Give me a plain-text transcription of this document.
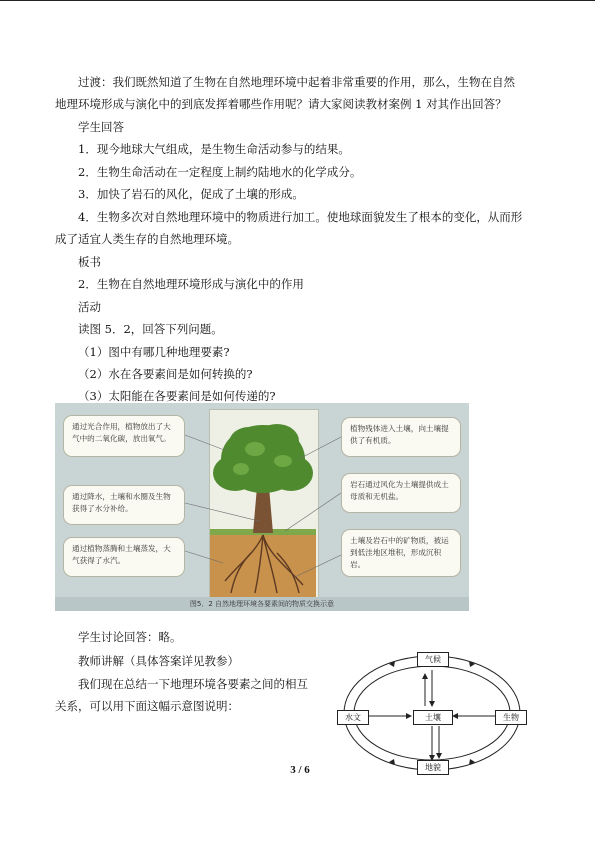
过渡：我们既然知道了生物在自然地理环境中起着非常重要的作用，那么，生物在自然
地理环境形成与演化中的到底发挥着哪些作用呢？请大家阅读教材案例 1 对其作出回答？
学生回答
1．现今地球大气组成，是生物生命活动参与的结果。
2．生物生命活动在一定程度上制约陆地水的化学成分。
3．加快了岩石的风化，促成了土壤的形成。
4．生物多次对自然地理环境中的物质进行加工。使地球面貌发生了根本的变化，从而形
成了适宜人类生存的自然地理环境。
板书
2．生物在自然地理环境形成与演化中的作用
活动
读图 5．2，回答下列问题。
（1）图中有哪几种地理要素?
（2）水在各要素间是如何转换的?
（3）太阳能在各要素间是如何传递的?
通过光合作用，植物放出了大气中的二氧化碳，放出氧气。
通过降水，土壤和水圈及生物获得了水分补给。
通过植物蒸腾和土壤蒸发，大气获得了水汽。
植物残体进入土壤，向土壤提供了有机质。
岩石通过风化为土壤提供成土母质和无机盐。
土壤及岩石中的矿物质，被运到低洼地区堆积，形成沉积岩。
图5．2 自然地理环境各要素间的物质交换示意
学生讨论回答：略。
教师讲解（具体答案详见教参）
我们现在总结一下地理环境各要素之间的相互
关系，可以用下面这幅示意图说明：
气候
水文	土壤	生物
地貌
3 / 6
